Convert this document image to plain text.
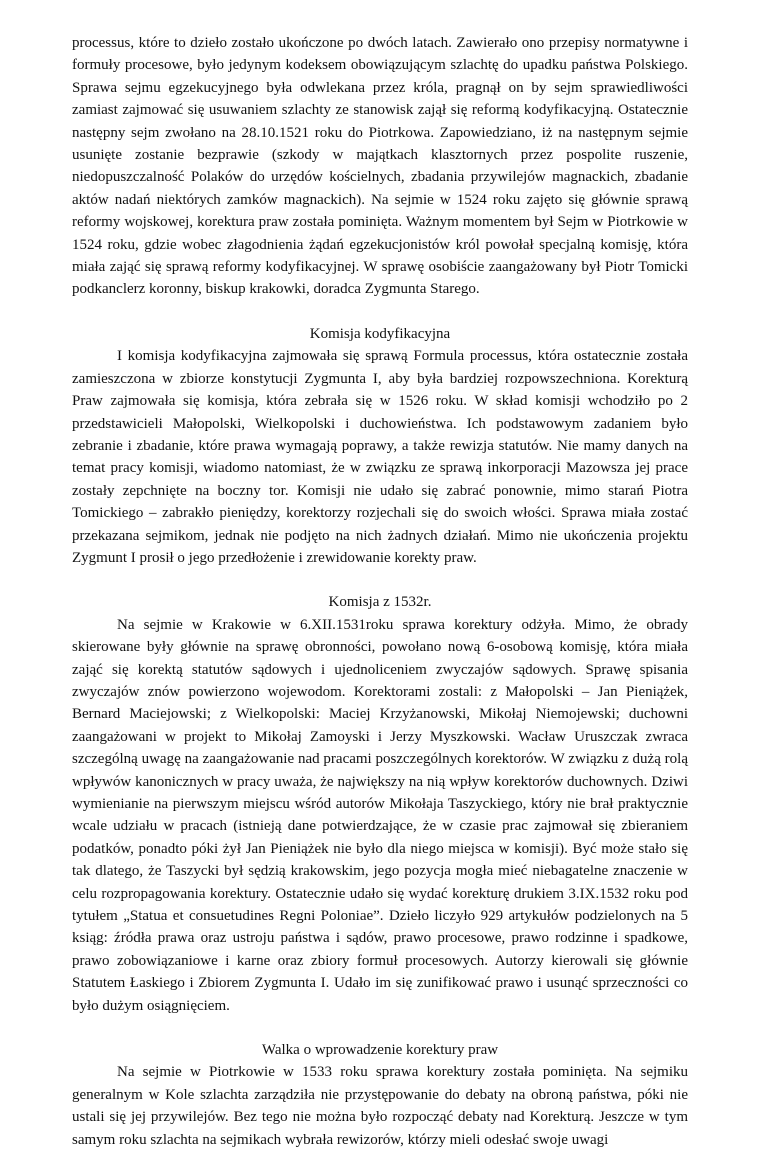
processus, które to dzieło zostało ukończone po dwóch latach. Zawierało ono przepisy normatywne i formuły procesowe, było jedynym kodeksem obowiązującym szlachtę do upadku państwa Polskiego. Sprawa sejmu egzekucyjnego była odwlekana przez króla, pragnął on by sejm sprawiedliwości zamiast zajmować się usuwaniem szlachty ze stanowisk zajął się reformą kodyfikacyjną. Ostatecznie następny sejm zwołano na 28.10.1521 roku do Piotrkowa. Zapowiedziano, iż na następnym sejmie usunięte zostanie bezprawie (szkody w majątkach klasztornych przez pospolite ruszenie, niedopuszczalność Polaków do urzędów kościelnych, zbadania przywilejów magnackich, zbadanie aktów nadań niektórych zamków magnackich). Na sejmie w 1524 roku zajęto się głównie sprawą reformy wojskowej, korektura praw została pominięta. Ważnym momentem był Sejm w Piotrkowie w 1524 roku, gdzie wobec złagodnienia żądań egzekucjonistów król powołał specjalną komisję, która miała zająć się sprawą reformy kodyfikacyjnej. W sprawę osobiście zaangażowany był Piotr Tomicki podkanclerz koronny, biskup krakowki, doradca Zygmunta Starego.

Komisja kodyfikacyjna

I komisja kodyfikacyjna zajmowała się sprawą Formula processus, która ostatecznie została zamieszczona w zbiorze konstytucji Zygmunta I, aby była bardziej rozpowszechniona. Korekturą Praw zajmowała się komisja, która zebrała się w 1526 roku. W skład komisji wchodziło po 2 przedstawicieli Małopolski, Wielkopolski i duchowieństwa. Ich podstawowym zadaniem było zebranie i zbadanie, które prawa wymagają poprawy, a także rewizja statutów. Nie mamy danych na temat pracy komisji, wiadomo natomiast, że w związku ze sprawą inkorporacji Mazowsza jej prace zostały zepchnięte na boczny tor. Komisji nie udało się zabrać ponownie, mimo starań Piotra Tomickiego – zabrakło pieniędzy, korektorzy rozjechali się do swoich włości. Sprawa miała zostać przekazana sejmikom, jednak nie podjęto na nich żadnych działań. Mimo nie ukończenia projektu Zygmunt I prosił o jego przedłożenie i zrewidowanie korekty praw.

Komisja z 1532r.

Na sejmie w Krakowie w 6.XII.1531roku sprawa korektury odżyła. Mimo, że obrady skierowane były głównie na sprawę obronności, powołano nową 6-osobową komisję, która miała zająć się korektą statutów sądowych i ujednoliceniem zwyczajów sądowych. Sprawę spisania zwyczajów znów powierzono wojewodom. Korektorami zostali: z Małopolski – Jan Pieniążek, Bernard Maciejowski; z Wielkopolski: Maciej Krzyżanowski, Mikołaj Niemojewski; duchowni zaangażowani w projekt to Mikołaj Zamoyski i Jerzy Myszkowski. Wacław Uruszczak zwraca szczególną uwagę na zaangażowanie nad pracami poszczególnych korektorów. W związku z dużą rolą wpływów kanonicznych w pracy uważa, że największy na nią wpływ korektorów duchownych. Dziwi wymienianie na pierwszym miejscu wśród autorów Mikołaja Taszyckiego, który nie brał praktycznie wcale udziału w pracach (istnieją dane potwierdzające, że w czasie prac zajmował się zbieraniem podatków, ponadto póki żył Jan Pieniążek nie było dla niego miejsca w komisji). Być może stało się tak dlatego, że Taszycki był sędzią krakowskim, jego pozycja mogła mieć niebagatelne znaczenie w celu rozpropagowania korektury. Ostatecznie udało się wydać korekturę drukiem 3.IX.1532 roku pod tytułem „Statua et consuetudines Regni Poloniae”. Dzieło liczyło 929 artykułów podzielonych na 5 ksiąg: źródła prawa oraz ustroju państwa i sądów, prawo procesowe, prawo rodzinne i spadkowe, prawo zobowiązaniowe i karne oraz zbiory formuł procesowych. Autorzy kierowali się głównie Statutem Łaskiego i Zbiorem Zygmunta I. Udało im się zunifikować prawo i usunąć sprzeczności co było dużym osiągnięciem.

Walka o wprowadzenie korektury praw

Na sejmie w Piotrkowie w 1533 roku sprawa korektury została pominięta. Na sejmiku generalnym w Kole szlachta zarządziła nie przystępowanie do debaty na obroną państwa, póki nie ustali się jej przywilejów. Bez tego nie można było rozpocząć debaty nad Korekturą. Jeszcze w tym samym roku szlachta na sejmikach wybrała rewizorów, którzy mieli odesłać swoje uwagi
